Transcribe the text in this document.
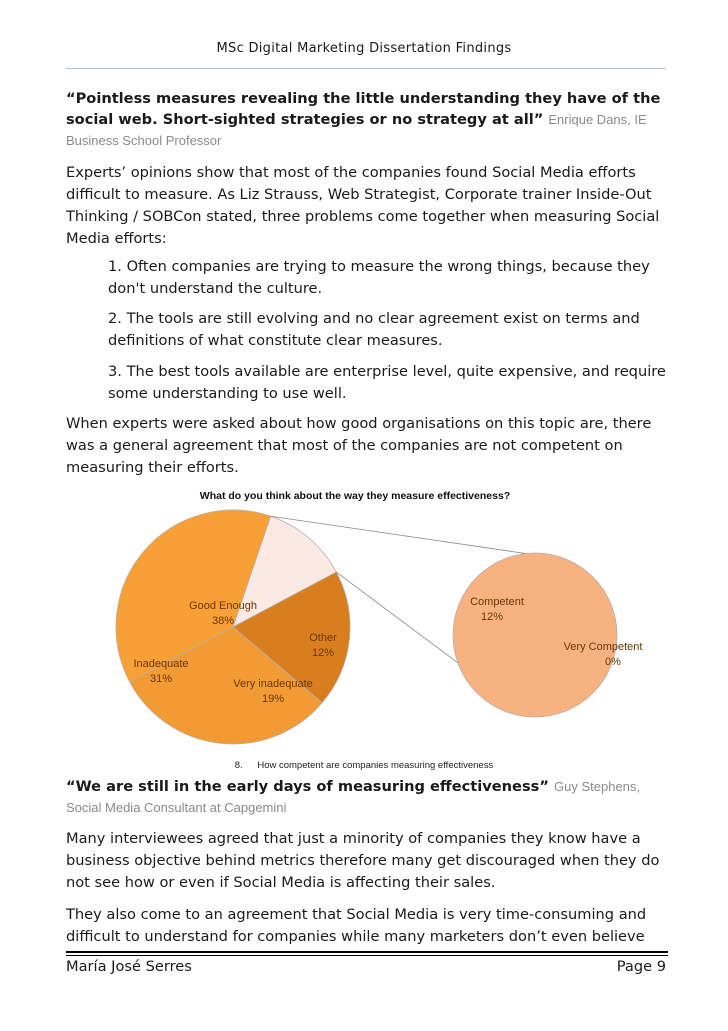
MSc Digital Marketing Dissertation Findings
“Pointless measures revealing the little understanding they have of the social web. Short-sighted strategies or no strategy at all” Enrique Dans, IE Business School Professor
Experts’ opinions show that most of the companies found Social Media efforts difficult to measure. As Liz Strauss, Web Strategist, Corporate trainer Inside-Out Thinking / SOBCon stated, three problems come together when measuring Social Media efforts:
1. Often companies are trying to measure the wrong things, because they don't understand the culture.
2. The tools are still evolving and no clear agreement exist on terms and definitions of what constitute clear measures.
3. The best tools available are enterprise level, quite expensive, and require some understanding to use well.
When experts were asked about how good organisations on this topic are, there was a general agreement that most of the companies are not competent on measuring their efforts.
What do you think about the way they measure effectiveness?
Good Enough
38%
Other
12%
Very inadequate
19%
Inadequate
31%
Competent
12%
Very Competent
0%
8. How competent are companies measuring effectiveness
“We are still in the early days of measuring effectiveness” Guy Stephens, Social Media Consultant at Capgemini
Many interviewees agreed that just a minority of companies they know have a business objective behind metrics therefore many get discouraged when they do not see how or even if Social Media is affecting their sales.
They also come to an agreement that Social Media is very time-consuming and difficult to understand for companies while many marketers don’t even believe
María José Serres	Page 9
